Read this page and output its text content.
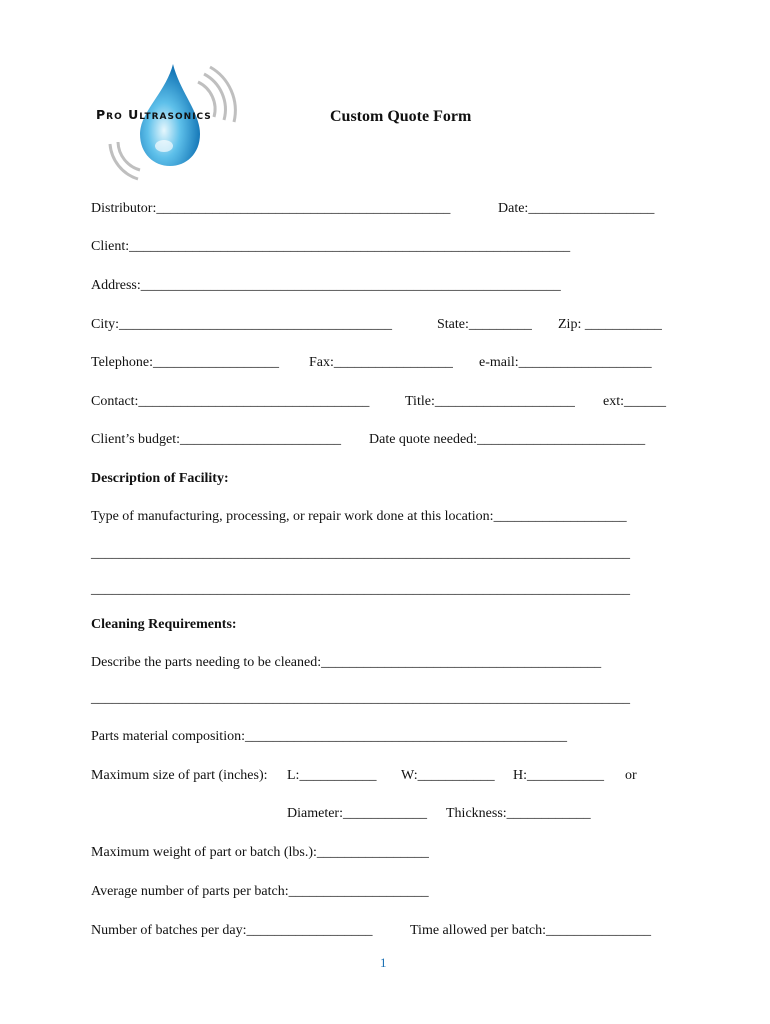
Pro Ultrasonics	Custom Quote Form
Distributor:__________________________________________	Date:__________________
Client:_______________________________________________________________
Address:____________________________________________________________
City:_______________________________________	State:_________ Zip: ___________
Telephone:__________________ Fax:_________________ e-mail:___________________
Contact:_________________________________	Title:____________________ ext:______
Client’s budget:_______________________ Date quote needed:________________________
Description of Facility:
Type of manufacturing, processing, or repair work done at this location:___________________
_____________________________________________________________________________
_____________________________________________________________________________
Cleaning Requirements:
Describe the parts needing to be cleaned:________________________________________
_____________________________________________________________________________
Parts material composition:______________________________________________
Maximum size of part (inches): L:___________ W:___________ H:___________ or
Diameter:____________ Thickness:____________
Maximum weight of part or batch (lbs.):________________
Average number of parts per batch:____________________
Number of batches per day:__________________	Time allowed per batch:_______________
1
